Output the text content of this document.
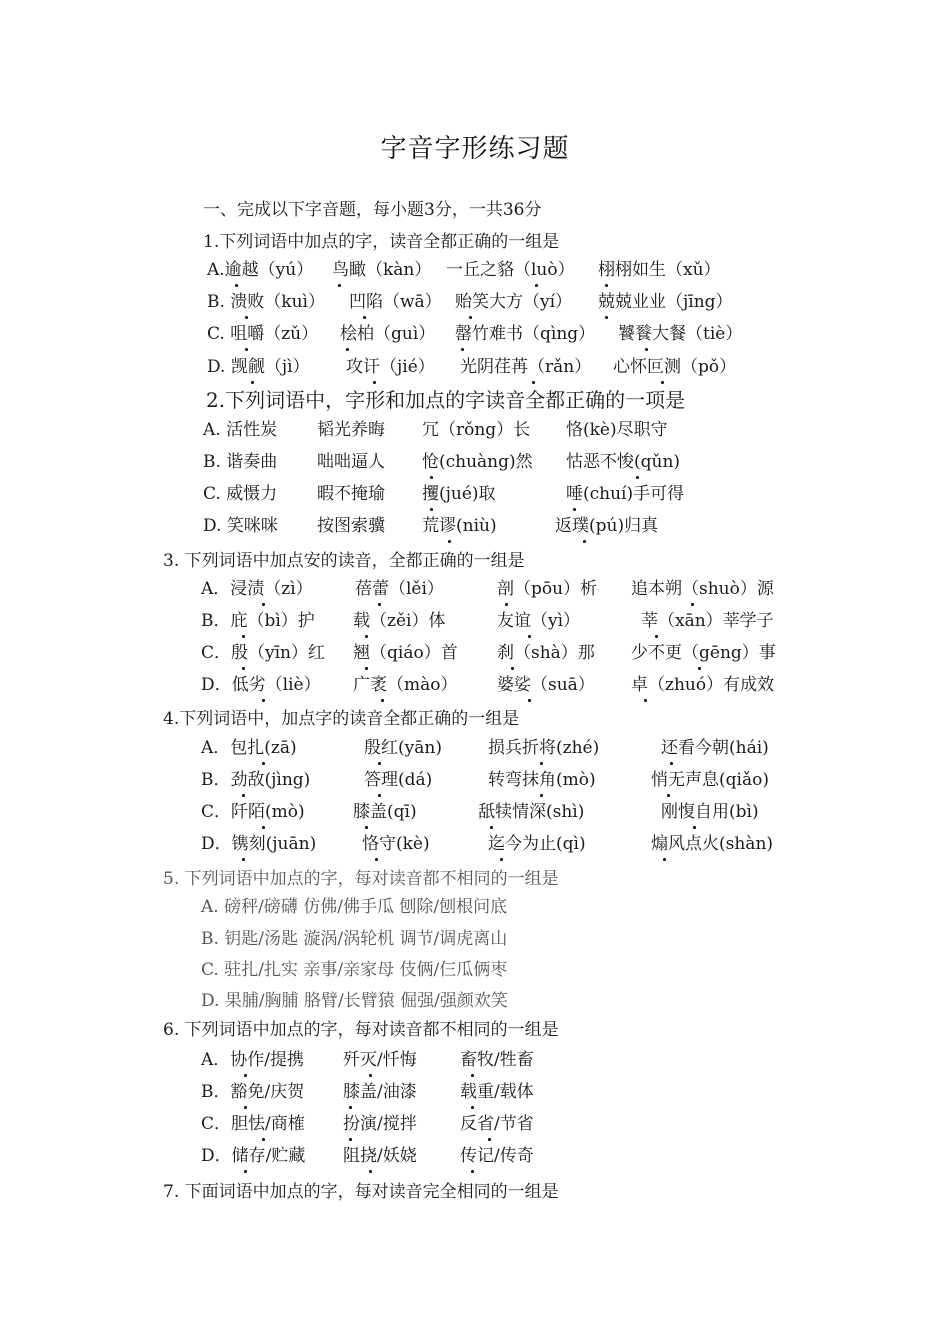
字音字形练习题
一、完成以下字音题，每小题3分，一共36分
1.下列词语中加点的字，读音全都正确的一组是
A.逾越（yú） 鸟瞰（kàn） 一丘之貉（luò） 栩栩如生（xǔ）
B. 溃败（kuì） 凹陷（wā） 贻笑大方（yí） 兢兢业业（jīng）
C. 咀嚼（zǔ） 桧柏（guì） 罄竹难书（qìng） 饕餮大餐（tiè）
D. 觊觎（jì） 攻讦（jié） 光阴荏苒（rǎn） 心怀叵测（pǒ）
2.下列词语中，字形和加点的字读音全都正确的一项是
A. 活性炭 韬光养晦 冗（rǒng）长 恪(kè)尽职守
B. 谐奏曲 咄咄逼人 怆(chuàng)然 怙恶不悛(qǔn)
C. 威慑力 暇不掩瑜 攫(jué)取	唾(chuí)手可得
D. 笑咪咪 按图索骥 荒谬(niù)	返璞(pú)归真
3. 下列词语中加点安的读音，全都正确的一组是
A．浸渍（zì） 蓓蕾（lěi）	剖（pōu）析 追本朔（shuò）源
B．庇（bì）护 载（zěi）体	友谊（yì）	莘（xān）莘学子
C．殷（yīn）红 翘（qiáo）首 刹（shà）那 少不更（gēng）事
D．低劣（liè） 广袤（mào） 婆娑（suā） 卓（zhuó）有成效
4.下列词语中，加点字的读音全都正确的一组是
A．包扎(zā)	殷红(yān)	损兵折将(zhé)	还看今朝(hái)
B．劲敌(jìng)	答理(dá)	转弯抹角(mò)	悄无声息(qiǎo)
C．阡陌(mò)	膝盖(qī)	舐犊情深(shì)	刚愎自用(bì)
D．镌刻(juān)	恪守(kè)	迄今为止(qì)	煽风点火(shàn)
5. 下列词语中加点的字，每对读音都不相同的一组是
A. 磅秤/磅礴 仿佛/佛手瓜 刨除/刨根问底
B. 钥匙/汤匙 漩涡/涡轮机 调节/调虎离山
C. 驻扎/扎实 亲事/亲家母 伎俩/仨瓜俩枣
D. 果脯/胸脯 胳臂/长臂猿 倔强/强颜欢笑
6. 下列词语中加点的字，每对读音都不相同的一组是
A．协作/提携 歼灭/忏悔	畜牧/牲畜
B．豁免/庆贺 膝盖/油漆	载重/载体
C．胆怯/商榷 扮演/搅拌	反省/节省
D．储存/贮藏 阻挠/妖娆	传记/传奇
7. 下面词语中加点的字，每对读音完全相同的一组是
